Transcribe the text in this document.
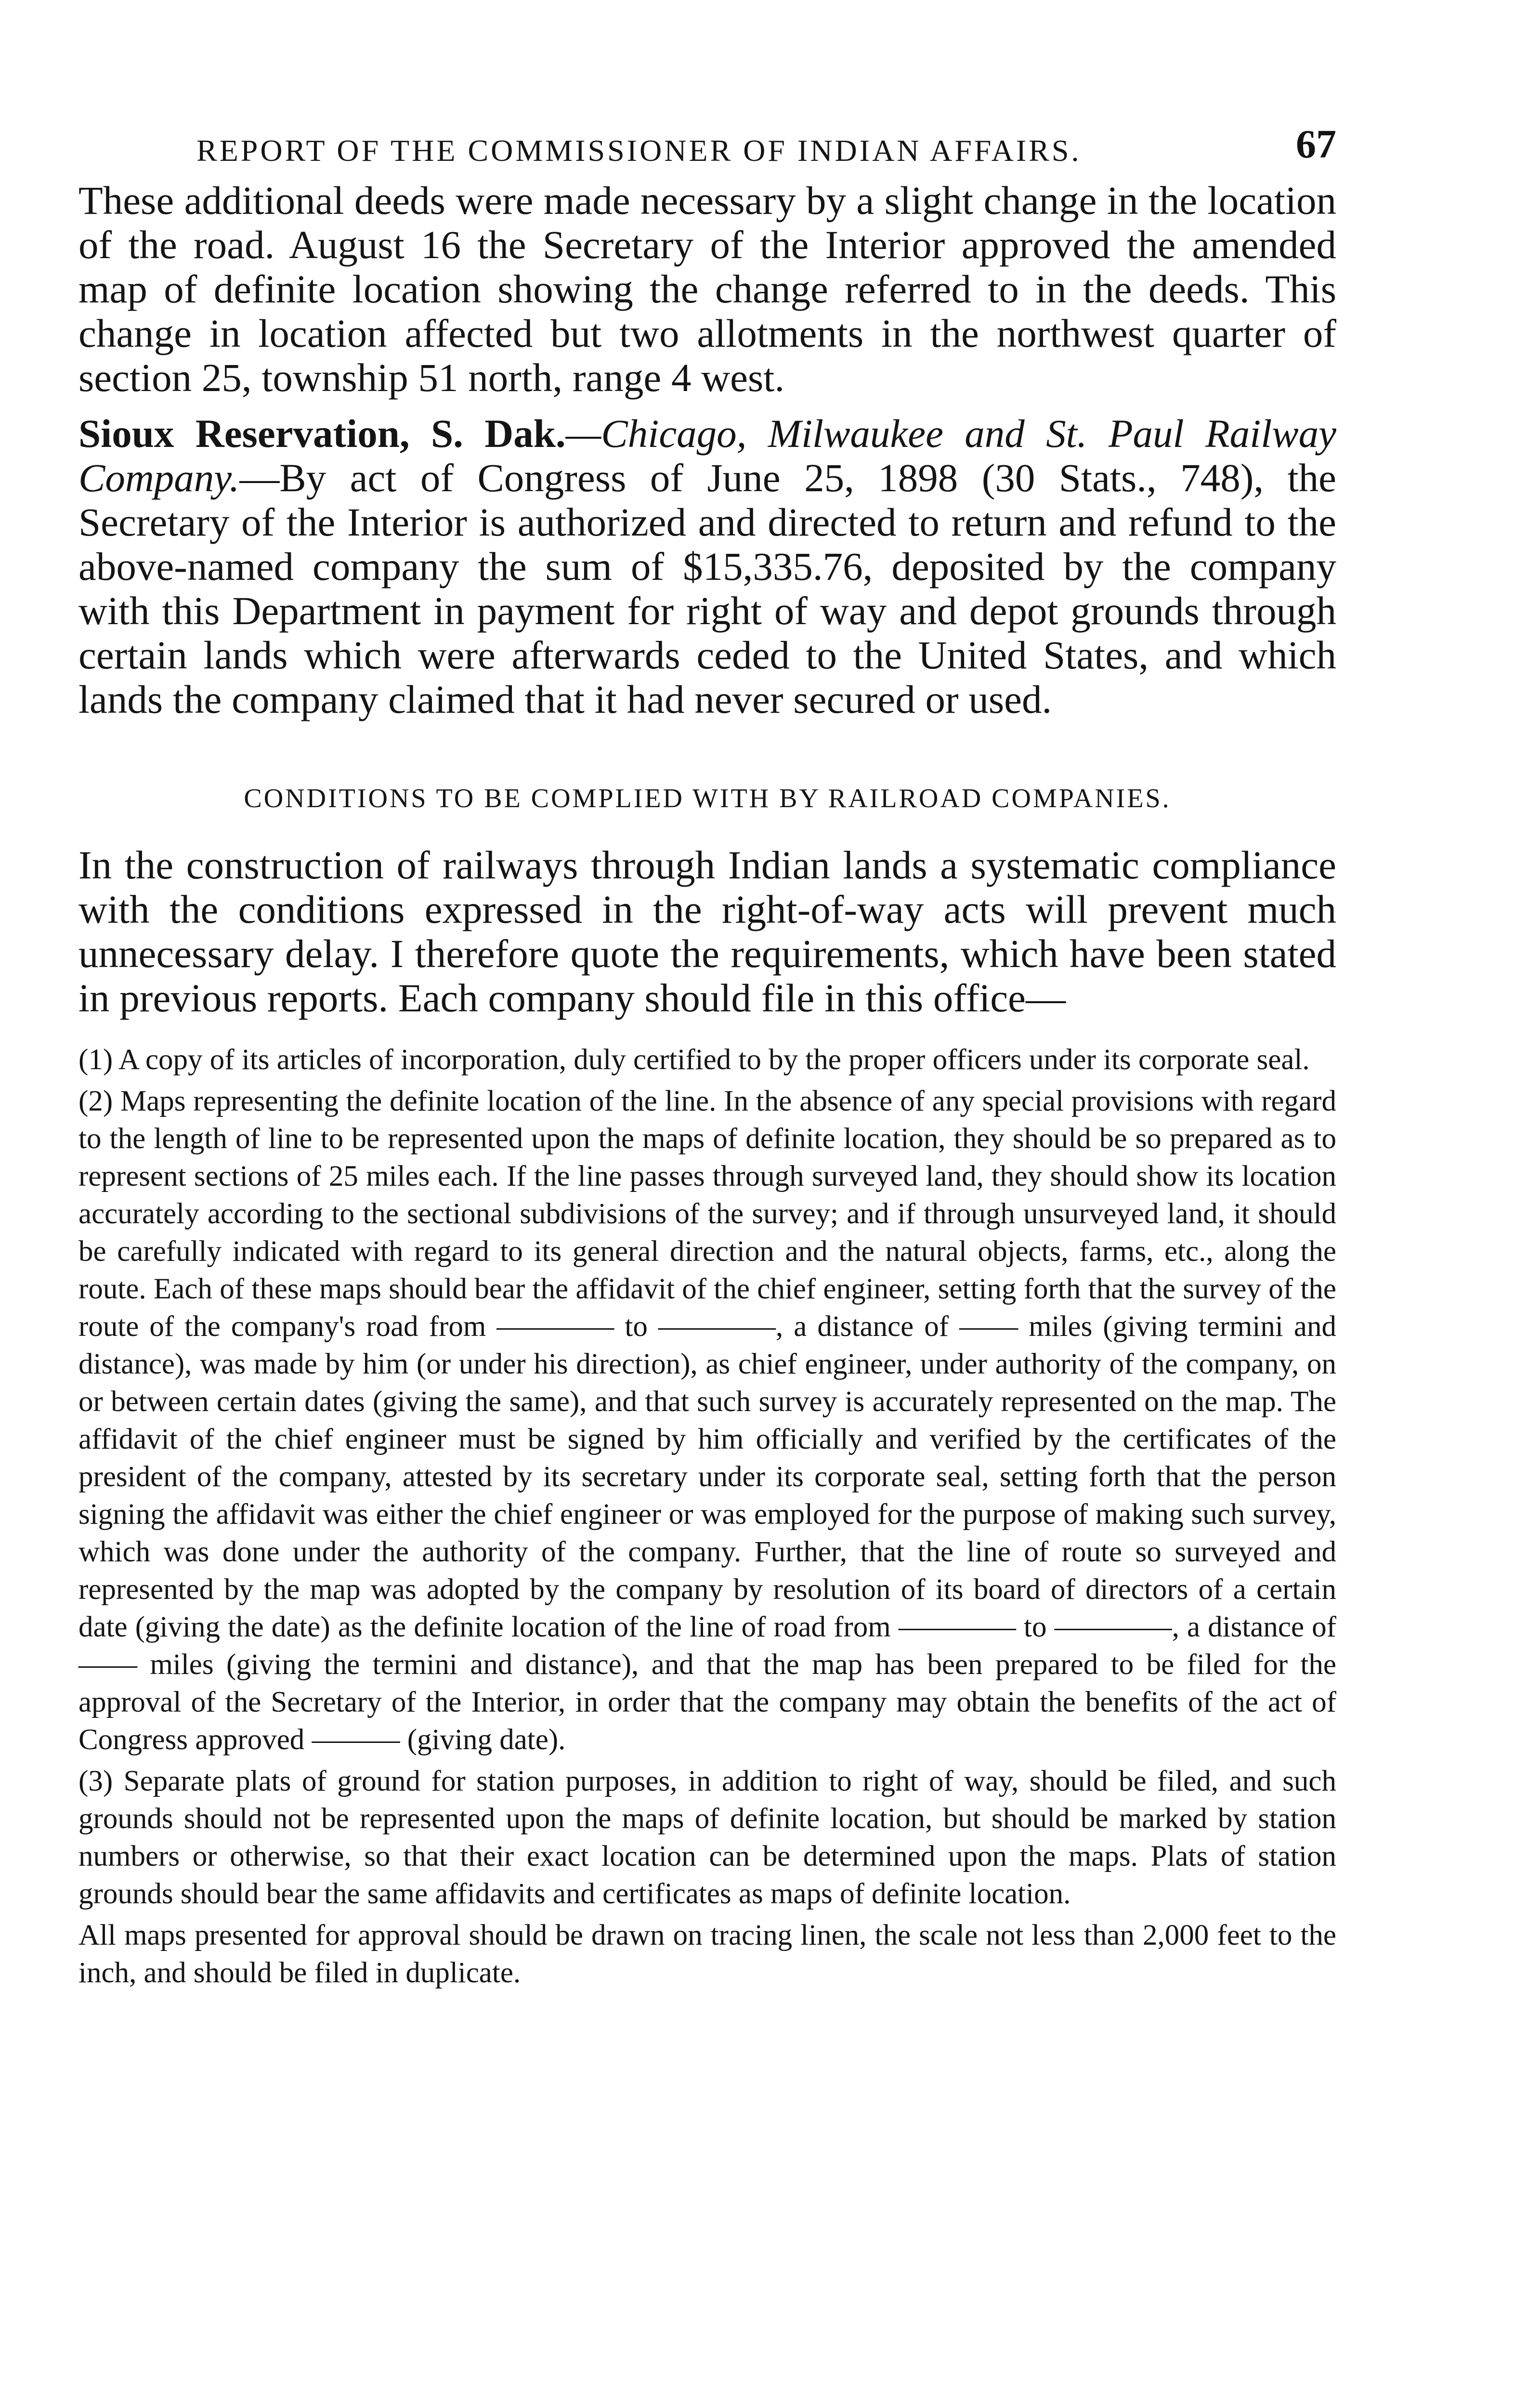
REPORT OF THE COMMISSIONER OF INDIAN AFFAIRS.	67

These additional deeds were made necessary by a slight change in the location of the road. August 16 the Secretary of the Interior approved the amended map of definite location showing the change referred to in the deeds. This change in location affected but two allotments in the northwest quarter of section 25, township 51 north, range 4 west.

Sioux Reservation, S. Dak.—Chicago, Milwaukee and St. Paul Railway Company.—By act of Congress of June 25, 1898 (30 Stats., 748), the Secretary of the Interior is authorized and directed to return and refund to the above-named company the sum of $15,335.76, deposited by the company with this Department in payment for right of way and depot grounds through certain lands which were afterwards ceded to the United States, and which lands the company claimed that it had never secured or used.

CONDITIONS TO BE COMPLIED WITH BY RAILROAD COMPANIES.

In the construction of railways through Indian lands a systematic compliance with the conditions expressed in the right-of-way acts will prevent much unnecessary delay. I therefore quote the requirements, which have been stated in previous reports. Each company should file in this office—

(1) A copy of its articles of incorporation, duly certified to by the proper officers under its corporate seal.

(2) Maps representing the definite location of the line. In the absence of any special provisions with regard to the length of line to be represented upon the maps of definite location, they should be so prepared as to represent sections of 25 miles each. If the line passes through surveyed land, they should show its location accurately according to the sectional subdivisions of the survey; and if through unsurveyed land, it should be carefully indicated with regard to its general direction and the natural objects, farms, etc., along the route. Each of these maps should bear the affidavit of the chief engineer, setting forth that the survey of the route of the company's road from ———— to ————, a distance of —— miles (giving termini and distance), was made by him (or under his direction), as chief engineer, under authority of the company, on or between certain dates (giving the same), and that such survey is accurately represented on the map. The affidavit of the chief engineer must be signed by him officially and verified by the certificates of the president of the company, attested by its secretary under its corporate seal, setting forth that the person signing the affidavit was either the chief engineer or was employed for the purpose of making such survey, which was done under the authority of the company. Further, that the line of route so surveyed and represented by the map was adopted by the company by resolution of its board of directors of a certain date (giving the date) as the definite location of the line of road from ———— to ————, a distance of —— miles (giving the termini and distance), and that the map has been prepared to be filed for the approval of the Secretary of the Interior, in order that the company may obtain the benefits of the act of Congress approved ——— (giving date).

(3) Separate plats of ground for station purposes, in addition to right of way, should be filed, and such grounds should not be represented upon the maps of definite location, but should be marked by station numbers or otherwise, so that their exact location can be determined upon the maps. Plats of station grounds should bear the same affidavits and certificates as maps of definite location.

All maps presented for approval should be drawn on tracing linen, the scale not less than 2,000 feet to the inch, and should be filed in duplicate.
